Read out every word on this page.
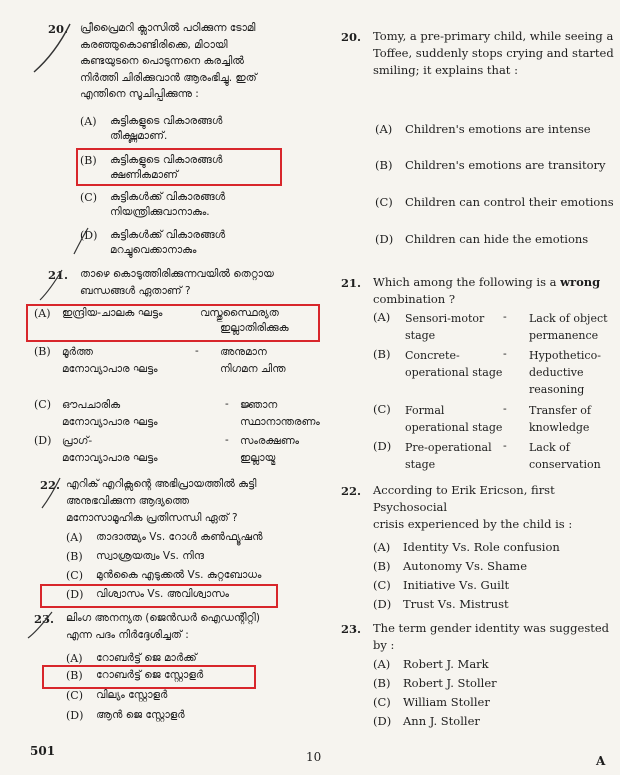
20. പ്രീപ്രൈമറി ക്ലാസിൽ പഠിക്കുന്ന ടോമി
കരഞ്ഞുകൊണ്ടിരിക്കെ, മിഠായി
കണ്ടയുടനെ പൊടുന്നനെ കരച്ചിൽ
നിർത്തി ചിരിക്കുവാൻ ആരംഭിച്ചു. ഇത്
എന്തിനെ സൂചിപ്പിക്കുന്നു :
(A) കുട്ടികളുടെ വികാരങ്ങൾ
തീക്ഷ്ണമാണ്.
(B) കുട്ടികളുടെ വികാരങ്ങൾ
ക്ഷണികമാണ്
(C) കുട്ടികൾക്ക് വികാരങ്ങൾ
നിയന്ത്രിക്കുവാനാകും.
(D) കുട്ടികൾക്ക് വികാരങ്ങൾ
മറച്ചുവെക്കാനാകും
21. താഴെ കൊടുത്തിരിക്കുന്നവയിൽ തെറ്റായ
ബന്ധങ്ങൾ ഏതാണ് ?
(A) ഇന്ദ്രിയ-ചാലക ഘട്ടം	വസ്തുസ്ഥൈര്യത
ഇല്ലാതിരിക്കുക
(B) മൂർത്ത
മനോവ്യാപാര ഘട്ടം
- അനുമാന
നിഗമന ചിന്ത
(C) ഔപചാരിക
മനോവ്യാപാര ഘട്ടം
- ജ്ഞാന
സ്ഥാനാന്തരണം
(D) പ്രാഗ്-
മനോവ്യാപാര ഘട്ടം
- സംരക്ഷണം
ഇല്ലായ്മ
22. എറിക് എറിക്സന്റെ അഭിപ്രായത്തിൽ കുട്ടി
അനുഭവിക്കുന്ന ആദ്യത്തെ
മനോസാമൂഹിക പ്രതിസന്ധി ഏത് ?
(A) താദാത്മ്യം Vs. റോൾ കൺഫ്യൂഷൻ
(B) സ്വാശ്രയത്വം Vs. നിന്ദ
(C) മുൻകൈ എടുക്കൽ Vs. കുറ്റബോധം
(D) വിശ്വാസം Vs. അവിശ്വാസം
23. ലിംഗ അനന്യത (ജെൻഡർ ഐഡന്റിറ്റി)
എന്ന പദം നിർദ്ദേശിച്ചത് :
(A) റോബർട്ട് ജെ മാർക്ക്
(B) റോബർട്ട് ജെ സ്റ്റോളർ
(C) വില്യം സ്റ്റോളർ
(D) ആൻ ജെ സ്റ്റോളർ
20. Tomy, a pre-primary child, while seeing a
Toffee, suddenly stops crying and started
smiling; it explains that :
(A) Children's emotions are intense
(B) Children's emotions are transitory
(C) Children can control their emotions
(D) Children can hide the emotions
21. Which among the following is a wrong
combination ?
(A) Sensori-motor
stage
- Lack of object
permanence
(B) Concrete-
operational stage
- Hypothetico-
deductive
reasoning
(C) Formal
operational stage
- Transfer of
knowledge
(D) Pre-operational
stage
- Lack of
conservation
22. According to Erik Ericson, first Psychosocial
crisis experienced by the child is :
(A) Identity Vs. Role confusion
(B) Autonomy Vs. Shame
(C) Initiative Vs. Guilt
(D) Trust Vs. Mistrust
23. The term gender identity was suggested
by :
(A) Robert J. Mark
(B) Robert J. Stoller
(C) William Stoller
(D) Ann J. Stoller
501	10	A
